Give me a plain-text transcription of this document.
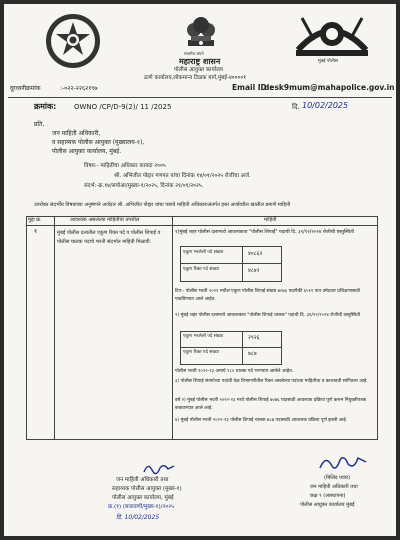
सत्यमेव जयते
महाराष्ट्र शासन
पोलीस आयुक्त कार्यालय
ठाणे कार्यालय,लोकमान्य टिळक मार्ग,मुंबई-४००००१
मुंबई पोलीस
दूरध्वनीक्रमांक	:-०२२-२२६२१९७	Email ID :
desk9mum@mahapolice.gov.in
क्रमांक:	OWNO /CP/D-9(2)/ 11 /2025	दि. 10/02/2025
प्रति,
जन माहिती अधिकारी,
व सहाय्यक पोलीस आयुक्त (मुख्यालय-१),
पोलीस आयुक्त कार्यालय, मुंबई.
विषय:- माहितीचा अधिकार कायदा २००५
श्री. अभिजीत पोद्दार गणपत यांचा दिनांक १४/०१/२०२५ रोजीचा अर्ज.
संदर्भ:-क्र.१४/सपोआ/मुख्या-१/२०२५, दिनांक २१/०१/२०२५.
उपरोक्त संदर्भीय विषयाच्या अनुषंगाने अर्जदार श्री. अभिजीत पोद्दार यांचा पत्राचे माहिती अधिकाराअंतर्गत हस्त अर्जावरील खालील प्रमाणे माहिती
मुद्दा क्र.	आवश्यक असलेल्या माहितीचा तपशील	माहिती
१	मुंबई पोलीस दलातील एकूण रिक्त पदे व पोलीस शिपाई व पोलीस चालक पदाचे भरती संदर्भात माहिती मिळावी.
१)मुंबई शहर पोलीस दलामध्ये आवश्यकता "पोलीस शिपाई" पदाची दि. ३१/१२/२०२४ रोजीची वस्तुस्थिती
एकूण भरलेली पदे संख्या	४०८६२
एकूण रिक्त पदे संख्या	४८४२
टिप:- पोलीस भरती २०२१ मधील एकूण पोलीस शिपाई संख्या ७०७६ पदापैकी ६५१२ पात्र उमेदवार प्रशिक्षणासाठी पाठविण्यात आले आहेत.
२) मुंबई शहर पोलीस दलामध्ये आवश्यकता "पोलीस शिपाई चालक" पदाची दि. ३१/१२/२०२४ रोजीची वस्तुस्थिती
एकूण भरलेली पदे संख्या	२९२६
एकूण रिक्त पदे संख्या	७८७
पोलीस भरती २०२२-२३ अन्वये ९८० चालक पदे भरण्यात आलेले आहेत.
३) पोलीस शिपाई संवर्गाच्या पदांची वेळ विभागणीतील रिक्त असलेल्या पदांच्या माहितीचा व कालावधी सांगितला आहे.
वर्ष २) मुंबई पोलीस भरती २०२२-२३ मध्ये पोलीस शिपाई ७०७६ पदासाठी आवश्यक प्रक्रिया पूर्ण करून नियुक्तीपत्रक बजावण्यात आले आहे.
४) मुंबई पोलीस भरती २०२२-२३ पोलीस शिपाई चालक ७८७ पदासाठी आवश्यक प्रक्रिया पूर्ण झाली आहे.
जन माहिती अधिकारी तथा
सहाय्यक पोलीस आयुक्त (मुख्य-१)
पोलीस आयुक्त कार्यालय, मुंबई
क्र.(१) (बजावणी/मुख्य-१)/२०२५
दि. 10/02/2025
(मिलिंद पवार)
जन माहिती अधिकारी तथा
कक्ष ९ (आस्थापना)
पोलीस आयुक्त कार्यालय मुंबई
